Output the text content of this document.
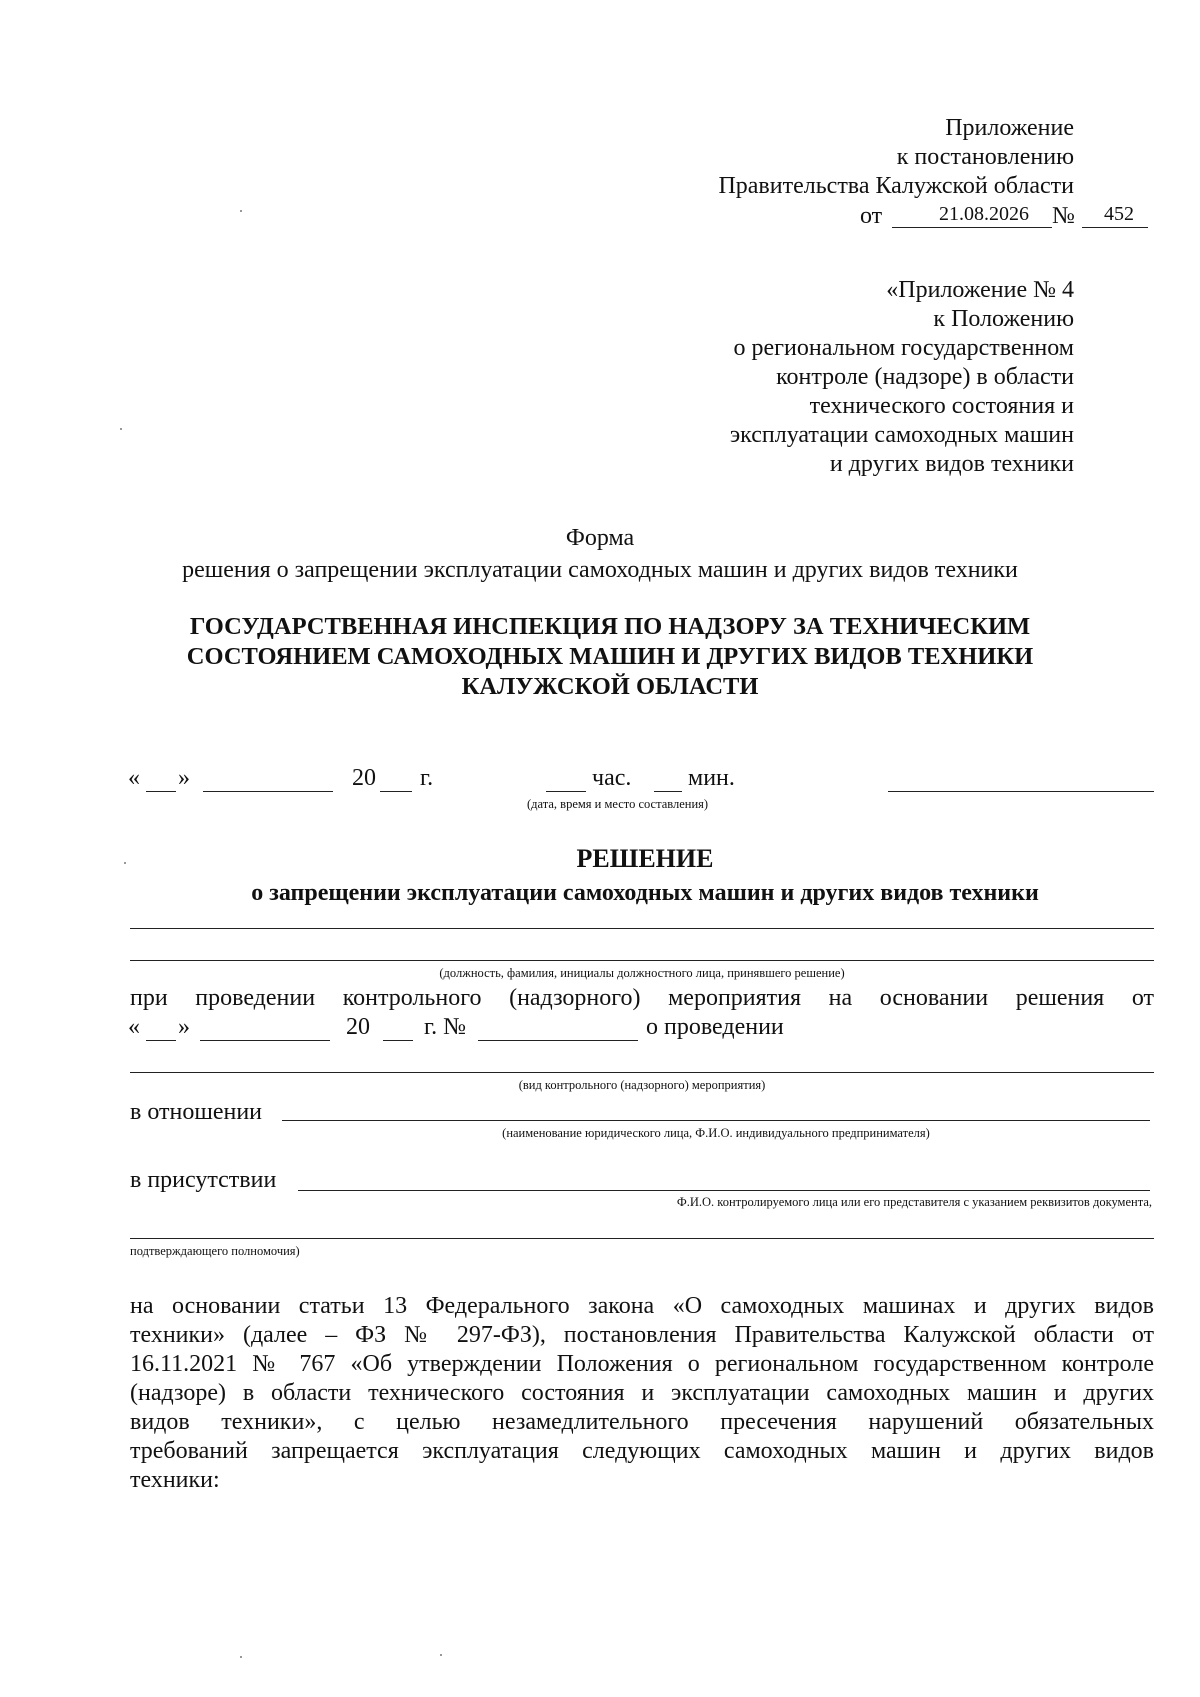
Приложение
к постановлению
Правительства Калужской области
от	21.08.2026 №	452
«Приложение № 4
к Положению
о региональном государственном
контроле (надзоре) в области
технического состояния и
эксплуатации самоходных машин
и других видов техники
Форма
решения о запрещении эксплуатации самоходных машин и других видов техники
ГОСУДАРСТВЕННАЯ ИНСПЕКЦИЯ ПО НАДЗОРУ ЗА ТЕХНИЧЕСКИМ
СОСТОЯНИЕМ САМОХОДНЫХ МАШИН И ДРУГИХ ВИДОВ ТЕХНИКИ
КАЛУЖСКОЙ ОБЛАСТИ
« »	20 г.	час. мин.
(дата, время и место составления)
РЕШЕНИЕ
о запрещении эксплуатации самоходных машин и других видов техники
(должность, фамилия, инициалы должностного лица, принявшего решение)
при проведении контрольного (надзорного) мероприятия на основании решения от
« »	20 г. №	о проведении
(вид контрольного (надзорного) мероприятия)
в отношении
(наименование юридического лица, Ф.И.О. индивидуального предпринимателя)
в присутствии
Ф.И.О. контролируемого лица или его представителя с указанием реквизитов документа,
подтверждающего полномочия)
на основании статьи 13 Федерального закона «О самоходных машинах и других видов
техники» (далее – ФЗ № 297-ФЗ), постановления Правительства Калужской области от
16.11.2021 № 767 «Об утверждении Положения о региональном государственном контроле
(надзоре) в области технического состояния и эксплуатации самоходных машин и других
видов техники», с целью незамедлительного пресечения нарушений обязательных
требований запрещается эксплуатация следующих самоходных машин и других видов
техники:
